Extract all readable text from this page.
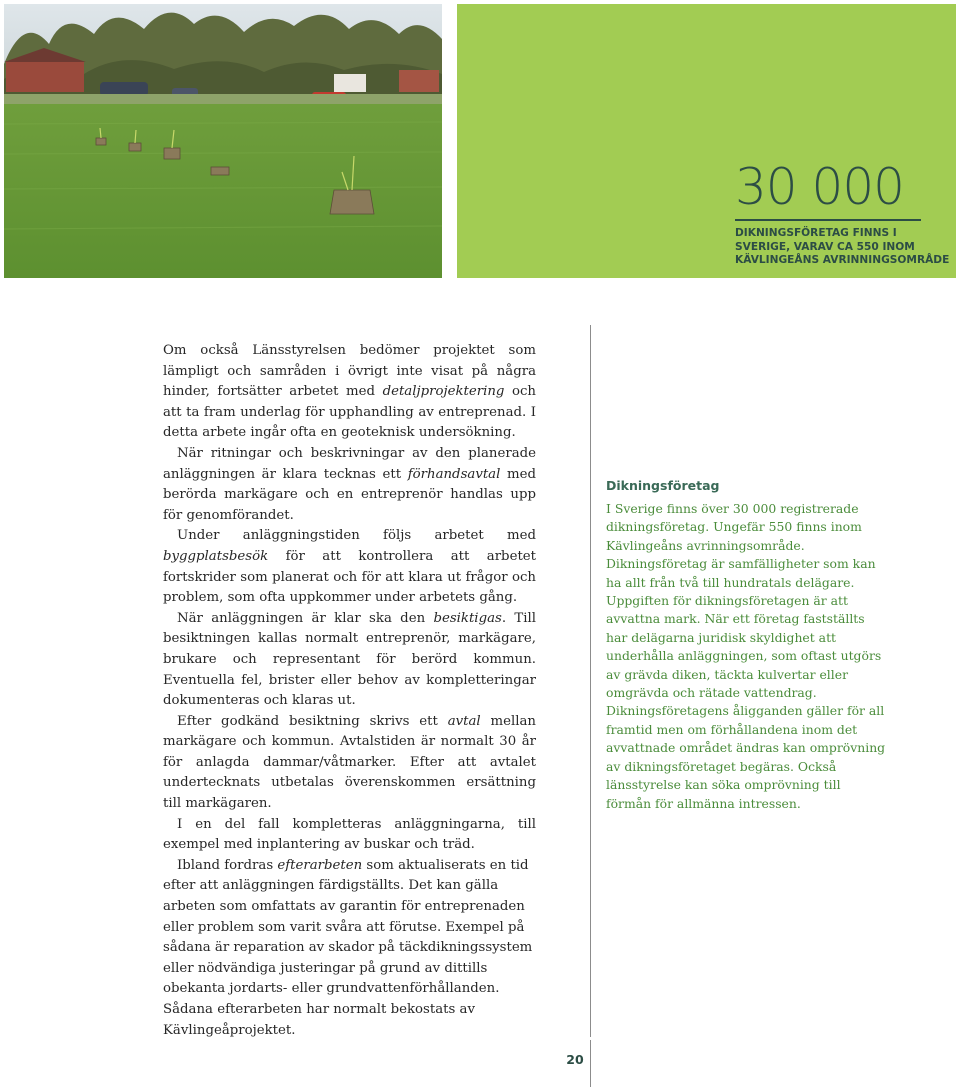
30 000
DIKNINGSFÖRETAG FINNS I SVERIGE, VARAV CA 550 INOM KÄVLINGEÅNS AVRINNINGSOMRÅDE

Om också Länsstyrelsen bedömer projektet som lämpligt och samråden i övrigt inte visat på några hinder, fortsätter arbetet med detaljprojektering och att ta fram underlag för upphandling av entreprenad. I detta arbete ingår ofta en geoteknisk undersökning.

När ritningar och beskrivningar av den planerade anläggningen är klara tecknas ett förhandsavtal med berörda markägare och en entreprenör handlas upp för genomförandet.

Under anläggningstiden följs arbetet med byggplatsbesök för att kontrollera att arbetet fortskrider som planerat och för att klara ut frågor och problem, som ofta uppkommer under arbetets gång.

När anläggningen är klar ska den besiktigas. Till besiktningen kallas normalt entreprenör, markägare, brukare och representant för berörd kommun. Eventuella fel, brister eller behov av kompletteringar dokumenteras och klaras ut.

Efter godkänd besiktning skrivs ett avtal mellan markägare och kommun. Avtalstiden är normalt 30 år för anlagda dammar/våtmarker. Efter att avtalet undertecknats utbetalas överenskommen ersättning till markägaren.

I en del fall kompletteras anläggningarna, till exempel med inplantering av buskar och träd.

Ibland fordras efterarbeten som aktualiserats en tid efter att anläggningen färdigställts. Det kan gälla arbeten som omfattats av garantin för entreprenaden eller problem som varit svåra att förutse. Exempel på sådana är reparation av skador på täckdikningssystem eller nödvändiga justeringar på grund av dittills obekanta jordarts- eller grundvattenförhållanden. Sådana efterarbeten har normalt bekostats av Kävlingeåprojektet.

Dikningsföretag

I Sverige finns över 30 000 registrerade dikningsföretag. Ungefär 550 finns inom Kävlingeåns avrinningsområde. Dikningsföretag är samfälligheter som kan ha allt från två till hundratals delägare. Uppgiften för dikningsföretagen är att avvattna mark. När ett företag fastställts har delägarna juridisk skyldighet att underhålla anläggningen, som oftast utgörs av grävda diken, täckta kulvertar eller omgrävda och rätade vattendrag. Dikningsföretagens åligganden gäller för all framtid men om förhållandena inom det avvattnade området ändras kan omprövning av dikningsföretaget begäras. Också länsstyrelse kan söka omprövning till förmån för allmänna intressen.

20
